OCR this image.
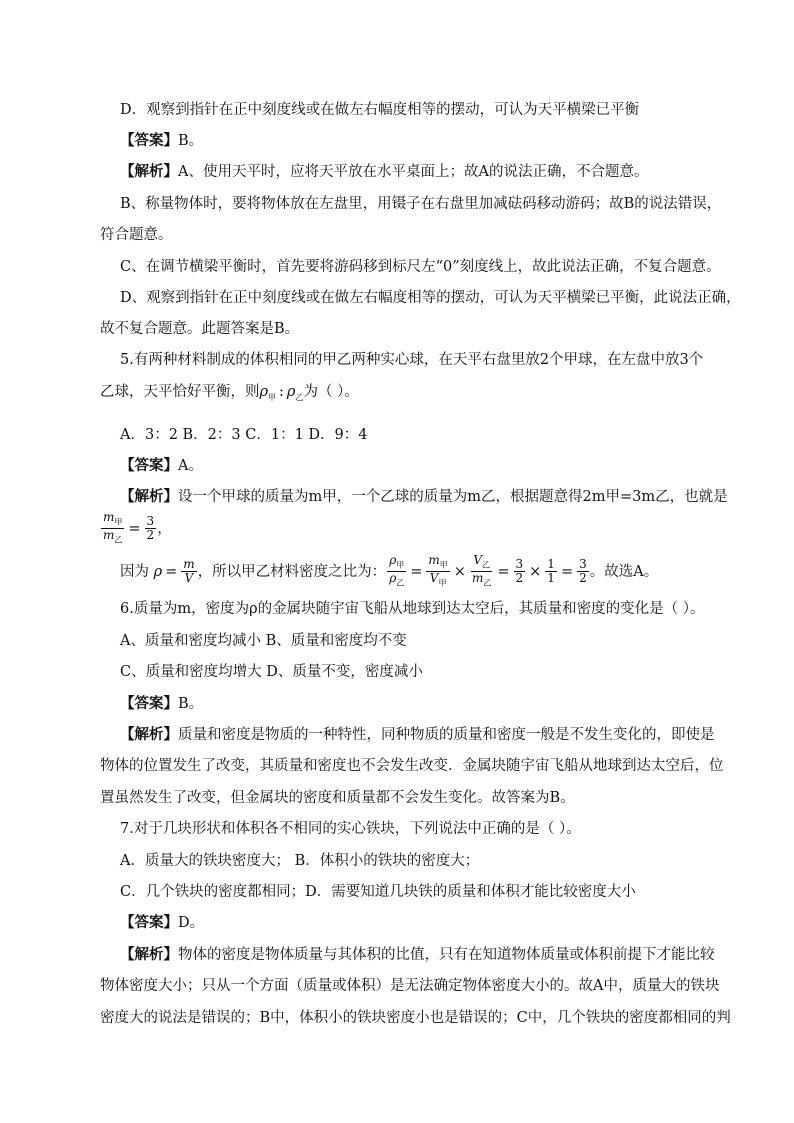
D．观察到指针在正中刻度线或在做左右幅度相等的摆动，可认为天平横梁已平衡
【答案】B。
【解析】A、使用天平时，应将天平放在水平桌面上；故A的说法正确，不合题意。
B、称量物体时，要将物体放在左盘里，用镊子在右盘里加减砝码移动游码；故B的说法错误，
符合题意。
C、在调节横梁平衡时，首先要将游码移到标尺左“0”刻度线上，故此说法正确，不复合题意。
D、观察到指针在正中刻度线或在做左右幅度相等的摆动，可认为天平横梁已平衡，此说法正确，
故不复合题意。此题答案是B。
5.有两种材料制成的体积相同的甲乙两种实心球，在天平右盘里放2个甲球，在左盘中放3个
乙球，天平恰好平衡，则$\rho_甲$ : $\rho_乙$为（ ）。
A．3：2 B．2：3 C．1：1 D．9：4
【答案】A。
【解析】设一个甲球的质量为m甲，一个乙球的质量为m乙，根据题意得2m甲=3m乙，也就是
$\frac{m_甲}{m_乙} = \frac{3}{2}$ ，
因为 $\rho = \frac{m}{V}$ ，所以甲乙材料密度之比为： $\frac{\rho_甲}{\rho_乙} = \frac{m_甲}{V_甲} \times \frac{V_乙}{m_乙} = \frac{3}{2} \times \frac{1}{1} = \frac{3}{2}$ 。故选A。
6.质量为m，密度为ρ的金属块随宇宙飞船从地球到达太空后，其质量和密度的变化是（ ）。
A、质量和密度均减小 B、质量和密度均不变
C、质量和密度均增大 D、质量不变，密度减小
【答案】B。
【解析】质量和密度是物质的一种特性，同种物质的质量和密度一般是不发生变化的，即使是
物体的位置发生了改变，其质量和密度也不会发生改变．金属块随宇宙飞船从地球到达太空后，位
置虽然发生了改变，但金属块的密度和质量都不会发生变化。故答案为B。
7.对于几块形状和体积各不相同的实心铁块，下列说法中正确的是（ ）。
A．质量大的铁块密度大； B．体积小的铁块的密度大；
C．几个铁块的密度都相同；D．需要知道几块铁的质量和体积才能比较密度大小
【答案】D。
【解析】物体的密度是物体质量与其体积的比值，只有在知道物体质量或体积前提下才能比较
物体密度大小；只从一个方面（质量或体积）是无法确定物体密度大小的。故A中，质量大的铁块
密度大的说法是错误的；B中，体积小的铁块密度小也是错误的；C中，几个铁块的密度都相同的判
